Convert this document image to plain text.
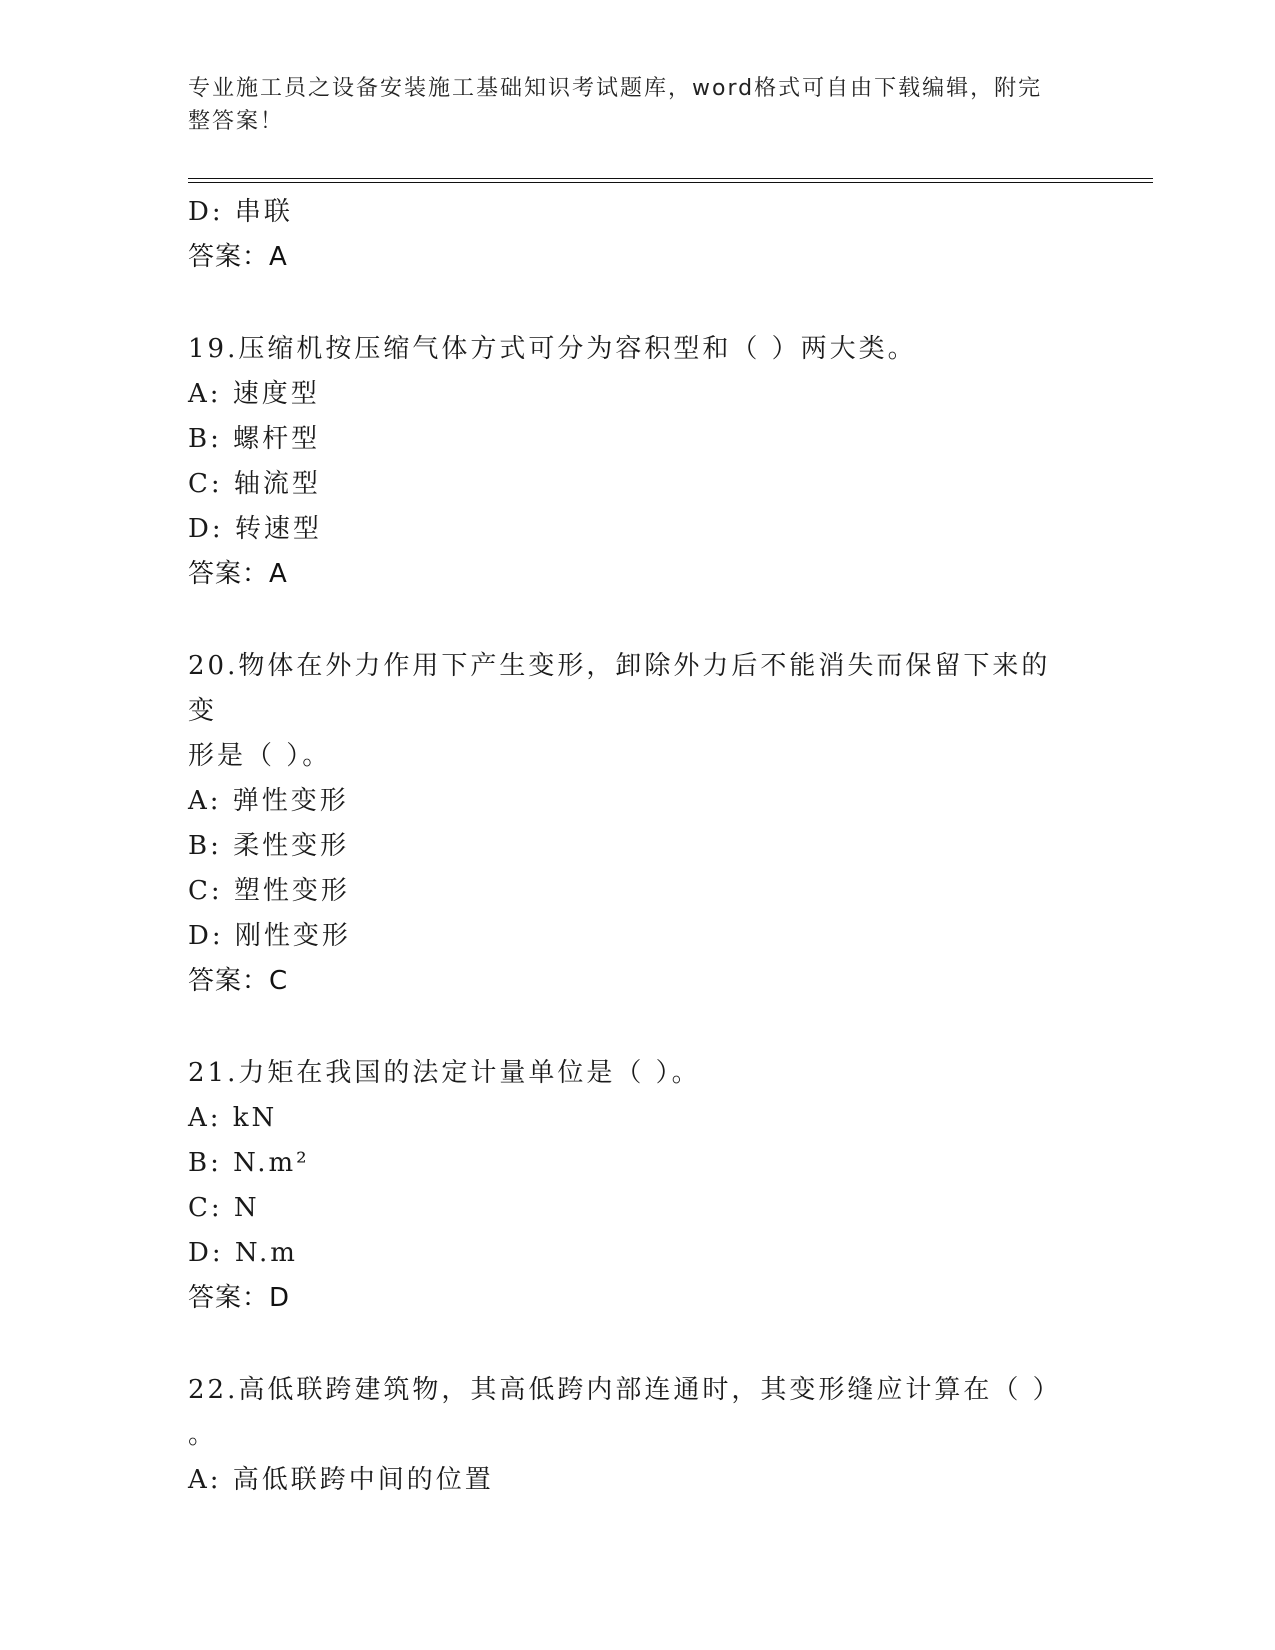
专业施工员之设备安装施工基础知识考试题库，word格式可自由下载编辑，附完
整答案！
D: 串联
答案：A
19.压缩机按压缩气体方式可分为容积型和（ ）两大类。
A: 速度型
B: 螺杆型
C: 轴流型
D: 转速型
答案：A
20.物体在外力作用下产生变形，卸除外力后不能消失而保留下来的变
形是（ ）。
A: 弹性变形
B: 柔性变形
C: 塑性变形
D: 刚性变形
答案：C
21.力矩在我国的法定计量单位是（ ）。
A: kN
B: N.m²
C: N
D: N.m
答案：D
22.高低联跨建筑物，其高低跨内部连通时，其变形缝应计算在（ ）
。
A: 高低联跨中间的位置
